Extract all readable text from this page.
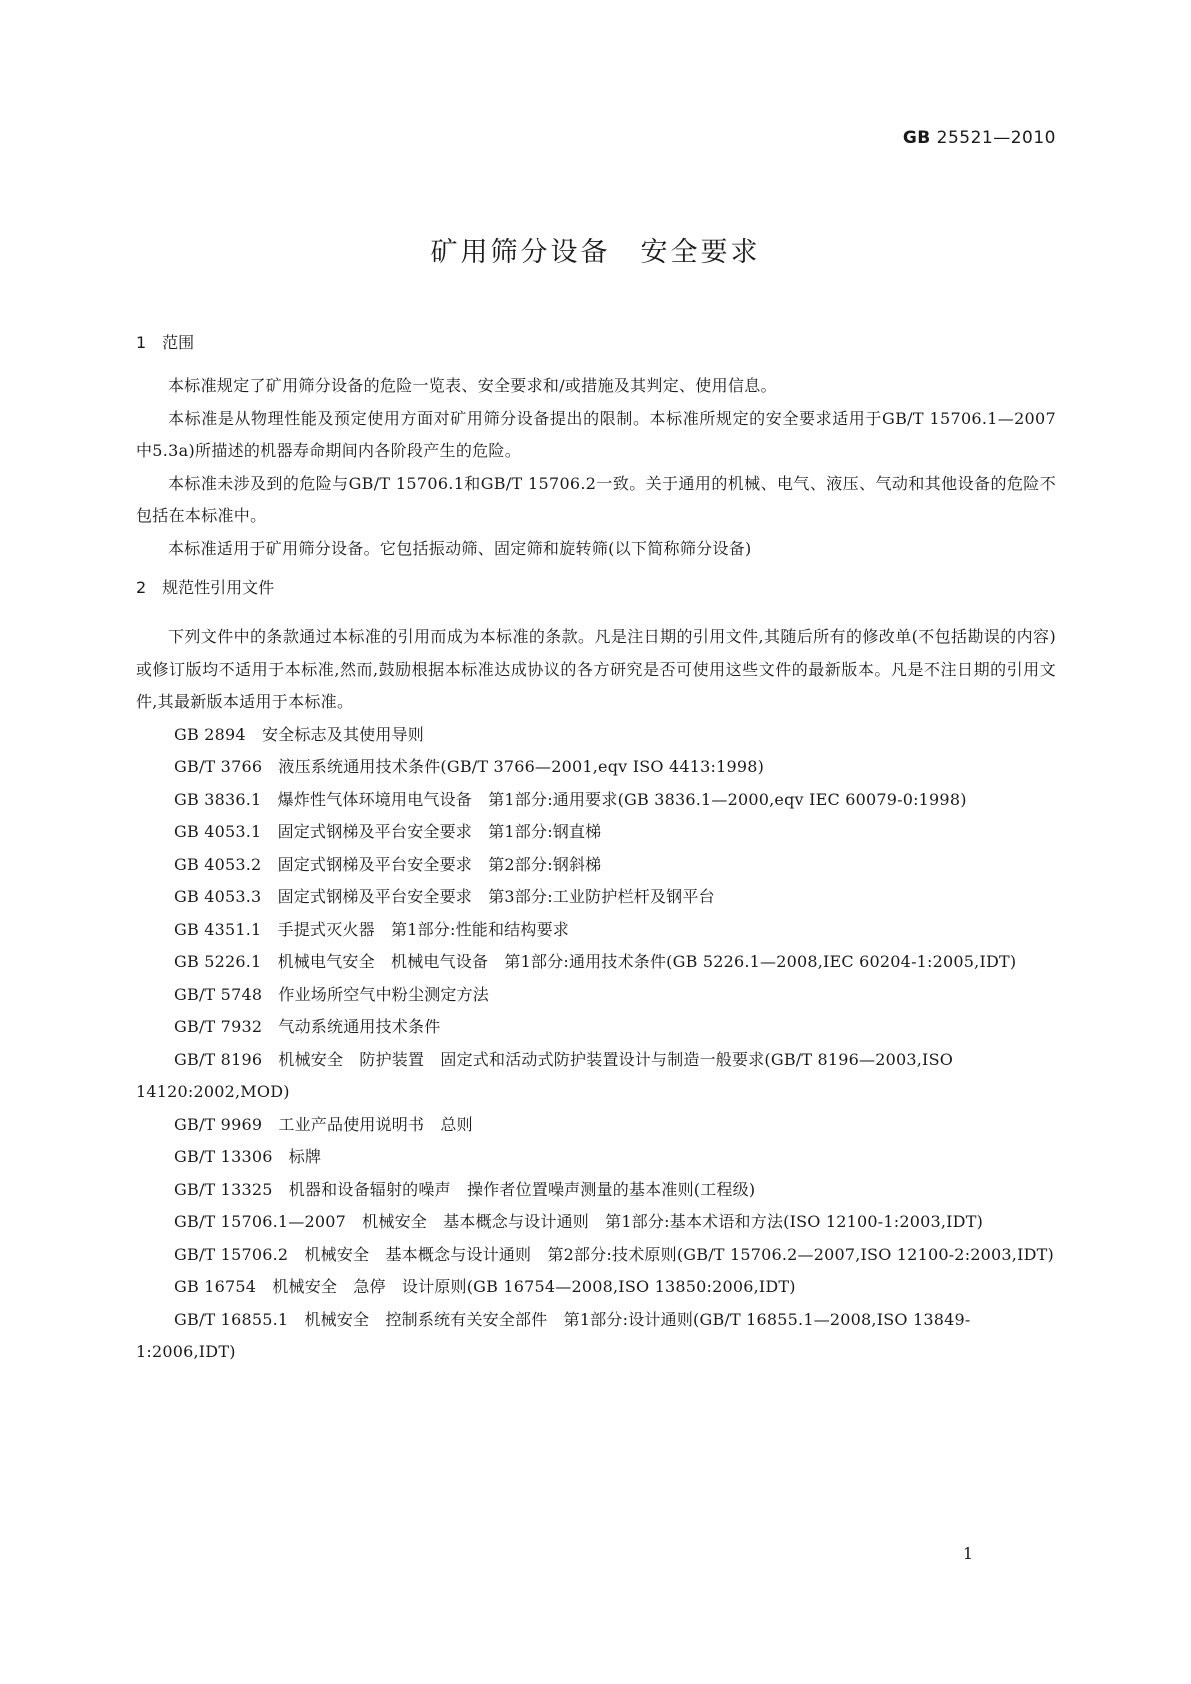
GB 25521—2010
矿用筛分设备　安全要求
1　范围
本标准规定了矿用筛分设备的危险一览表、安全要求和/或措施及其判定、使用信息。
本标准是从物理性能及预定使用方面对矿用筛分设备提出的限制。本标准所规定的安全要求适用于GB/T 15706.1—2007中5.3a)所描述的机器寿命期间内各阶段产生的危险。
本标准未涉及到的危险与GB/T 15706.1和GB/T 15706.2一致。关于通用的机械、电气、液压、气动和其他设备的危险不包括在本标准中。
本标准适用于矿用筛分设备。它包括振动筛、固定筛和旋转筛(以下简称筛分设备)
2　规范性引用文件
下列文件中的条款通过本标准的引用而成为本标准的条款。凡是注日期的引用文件,其随后所有的修改单(不包括勘误的内容)或修订版均不适用于本标准,然而,鼓励根据本标准达成协议的各方研究是否可使用这些文件的最新版本。凡是不注日期的引用文件,其最新版本适用于本标准。
GB 2894　安全标志及其使用导则
GB/T 3766　液压系统通用技术条件(GB/T 3766—2001,eqv ISO 4413:1998)
GB 3836.1　爆炸性气体环境用电气设备　第1部分:通用要求(GB 3836.1—2000,eqv IEC 60079-0:1998)
GB 4053.1　固定式钢梯及平台安全要求　第1部分:钢直梯
GB 4053.2　固定式钢梯及平台安全要求　第2部分:钢斜梯
GB 4053.3　固定式钢梯及平台安全要求　第3部分:工业防护栏杆及钢平台
GB 4351.1　手提式灭火器　第1部分:性能和结构要求
GB 5226.1　机械电气安全　机械电气设备　第1部分:通用技术条件(GB 5226.1—2008,IEC 60204-1:2005,IDT)
GB/T 5748　作业场所空气中粉尘测定方法
GB/T 7932　气动系统通用技术条件
GB/T 8196　机械安全　防护装置　固定式和活动式防护装置设计与制造一般要求(GB/T 8196—2003,ISO 14120:2002,MOD)
GB/T 9969　工业产品使用说明书　总则
GB/T 13306　标牌
GB/T 13325　机器和设备辐射的噪声　操作者位置噪声测量的基本准则(工程级)
GB/T 15706.1—2007　机械安全　基本概念与设计通则　第1部分:基本术语和方法(ISO 12100-1:2003,IDT)
GB/T 15706.2　机械安全　基本概念与设计通则　第2部分:技术原则(GB/T 15706.2—2007,ISO 12100-2:2003,IDT)
GB 16754　机械安全　急停　设计原则(GB 16754—2008,ISO 13850:2006,IDT)
GB/T 16855.1　机械安全　控制系统有关安全部件　第1部分:设计通则(GB/T 16855.1—2008,ISO 13849-1:2006,IDT)
1
